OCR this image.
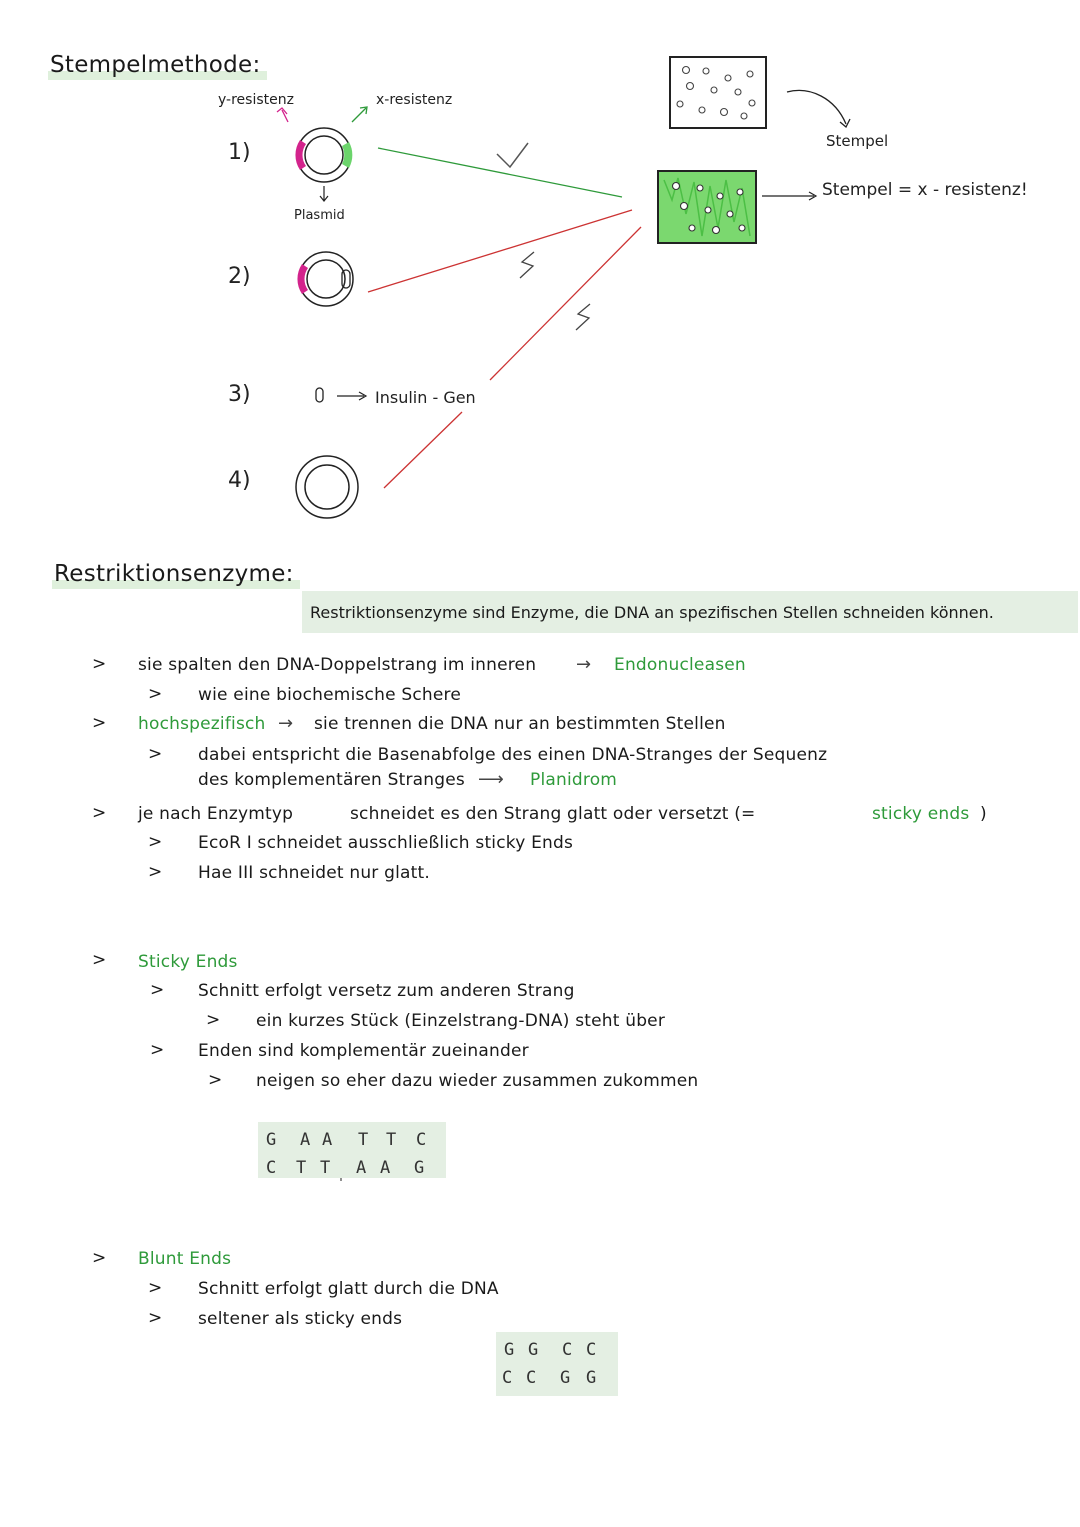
Stempelmethode:
y-resistenz	x-resistenz
1)
Plasmid
2)
3)	Insulin - Gen
4)
Stempel
Stempel = x - resistenz!
Restriktionsenzyme:
Restriktionsenzyme sind Enzyme, die DNA an spezifischen Stellen schneiden können.
> sie spalten den DNA-Doppelstrang im inneren → Endonucleasen
> wie eine biochemische Schere
> hochspezifisch → sie trennen die DNA nur an bestimmten Stellen
> dabei entspricht die Basenabfolge des einen DNA-Stranges der Sequenz
des komplementären Stranges ⟶ Planidrom
> je nach Enzymtyp	schneidet es den Strang glatt oder versetzt (=	sticky ends )
> EcoR I schneidet ausschließlich sticky Ends
> Hae III schneidet nur glatt.
> Sticky Ends
> Schnitt erfolgt versetz zum anderen Strang
> ein kurzes Stück (Einzelstrang-DNA) steht über
> Enden sind komplementär zueinander
> neigen so eher dazu wieder zusammen zukommen
G A A T T C
C T T A A G
> Blunt Ends
> Schnitt erfolgt glatt durch die DNA
> seltener als sticky ends
G G C C
C C G G
